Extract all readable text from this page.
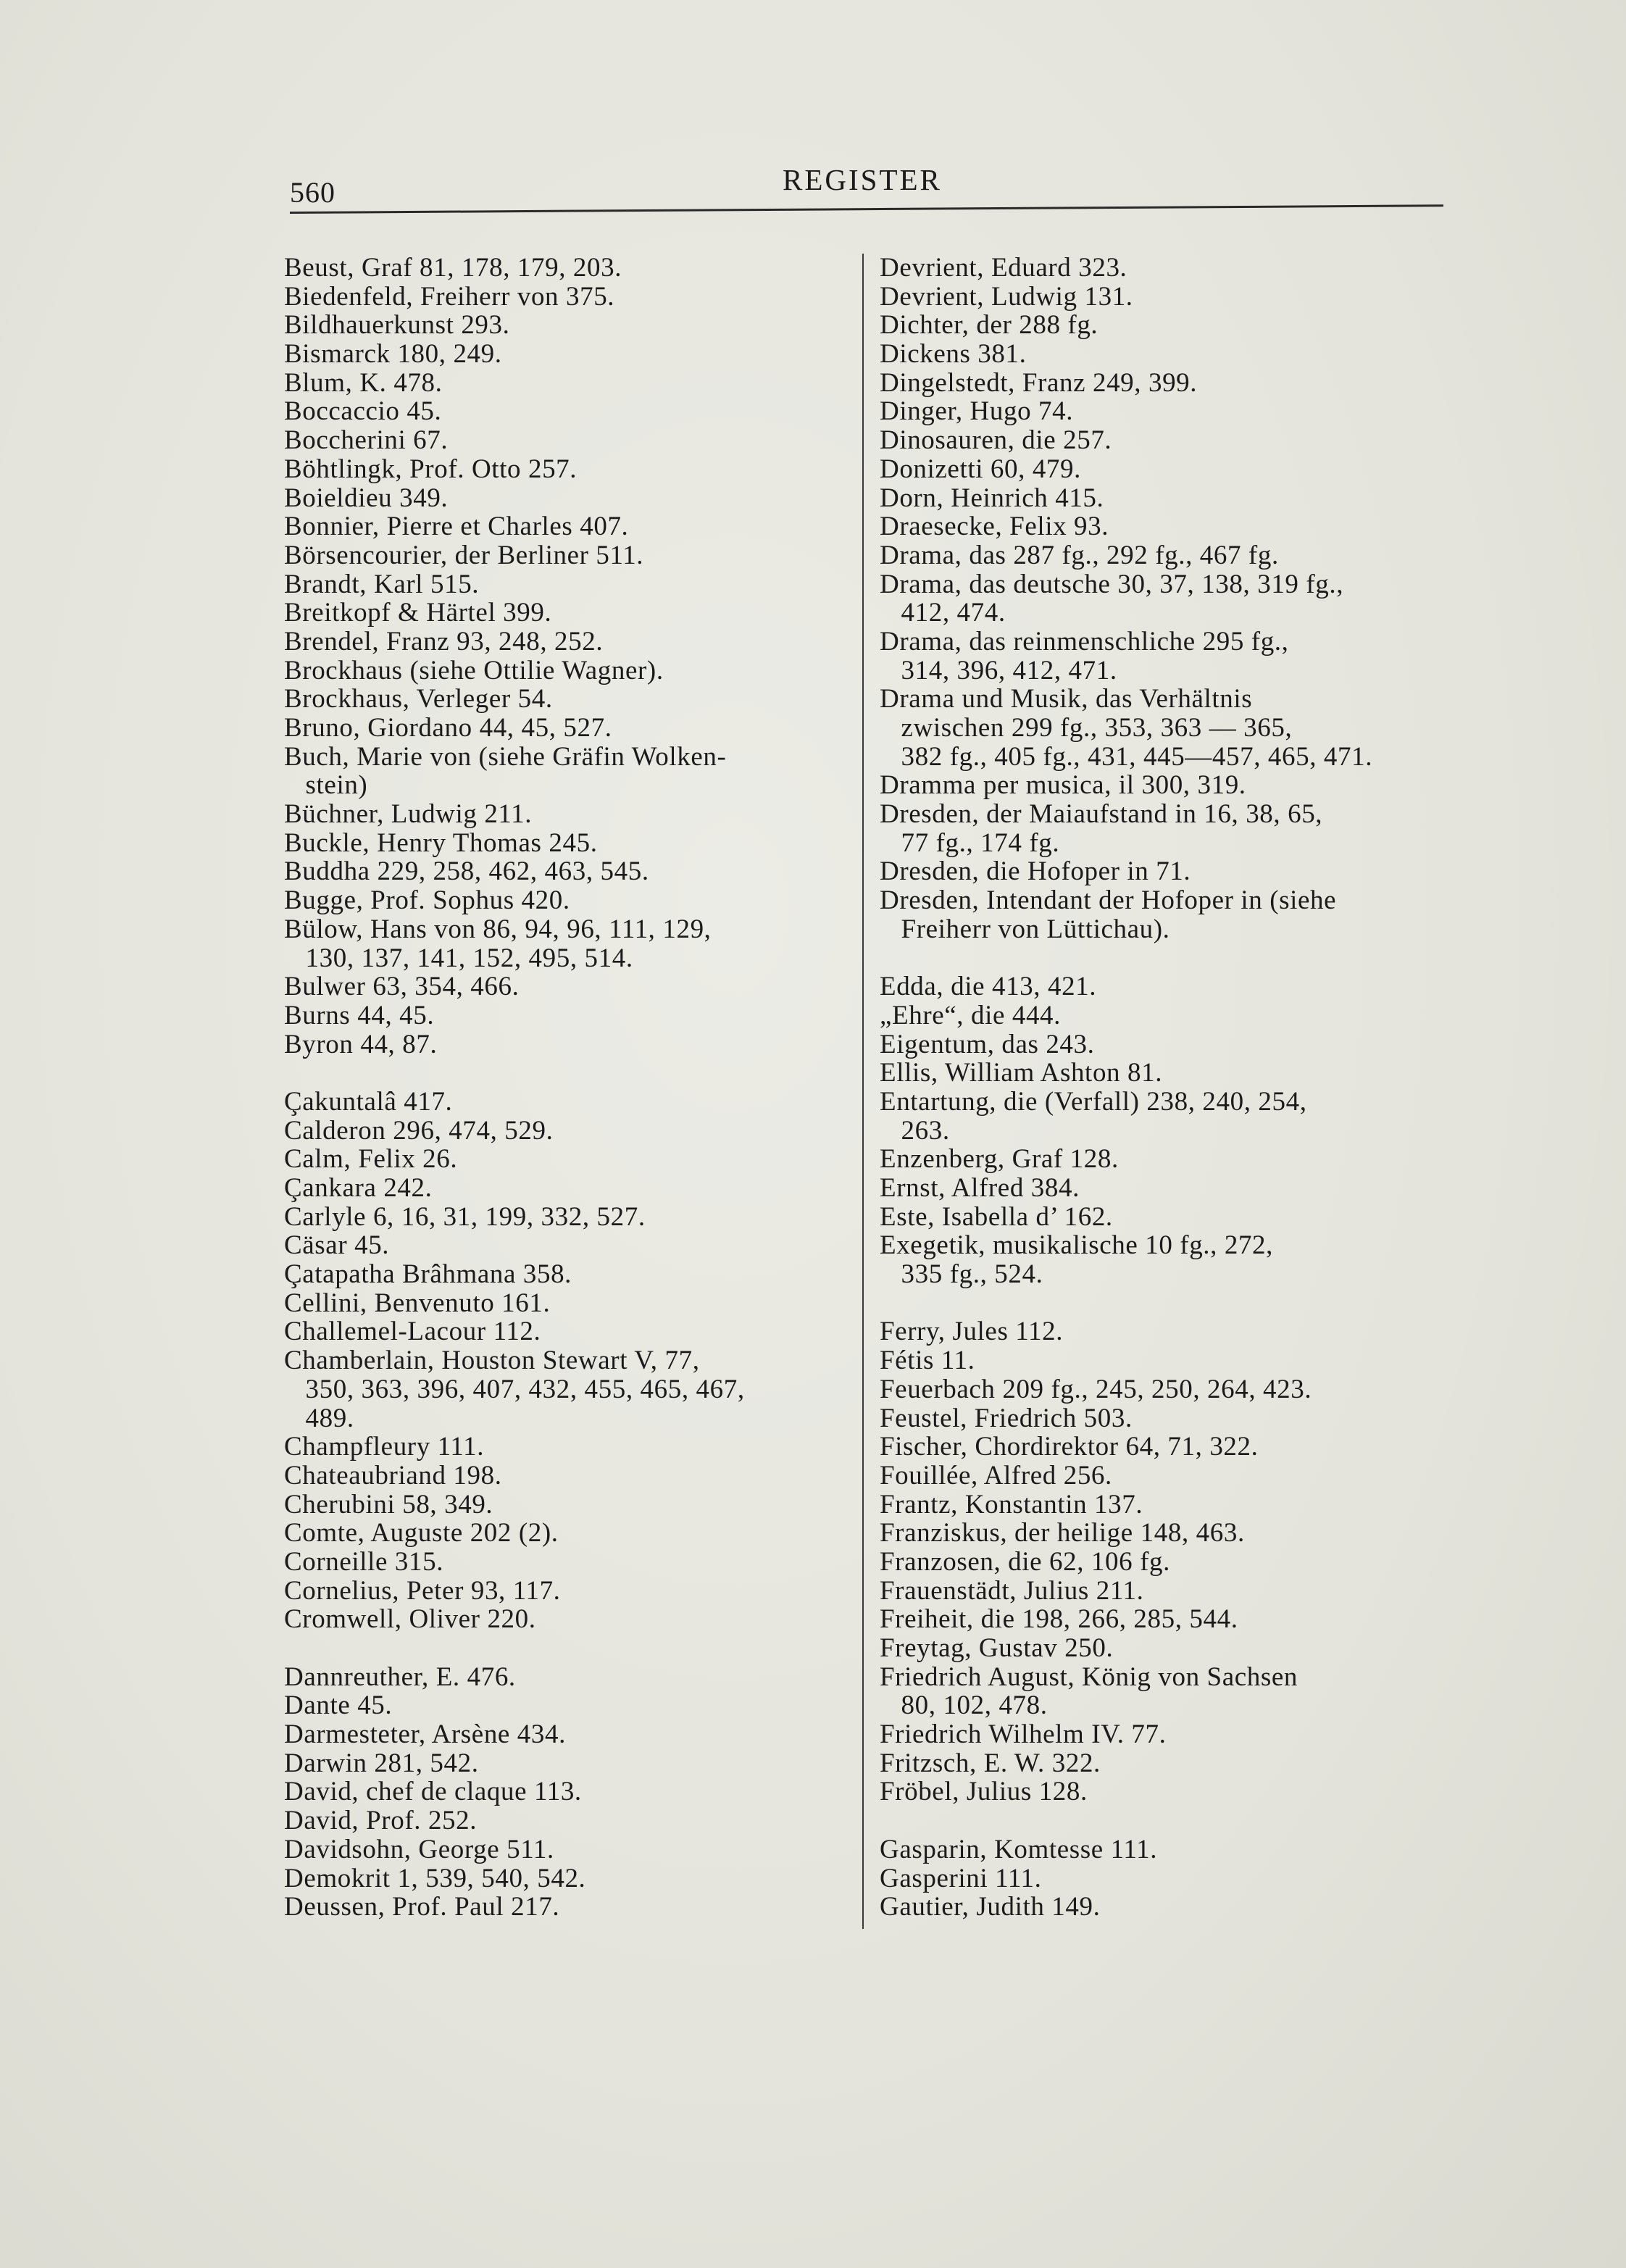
560	REGISTER
Beust, Graf 81, 178, 179, 203.
Biedenfeld, Freiherr von 375.
Bildhauerkunst 293.
Bismarck 180, 249.
Blum, K. 478.
Boccaccio 45.
Boccherini 67.
Böhtlingk, Prof. Otto 257.
Boieldieu 349.
Bonnier, Pierre et Charles 407.
Börsencourier, der Berliner 511.
Brandt, Karl 515.
Breitkopf & Härtel 399.
Brendel, Franz 93, 248, 252.
Brockhaus (siehe Ottilie Wagner).
Brockhaus, Verleger 54.
Bruno, Giordano 44, 45, 527.
Buch, Marie von (siehe Gräfin Wolken-
stein)
Büchner, Ludwig 211.
Buckle, Henry Thomas 245.
Buddha 229, 258, 462, 463, 545.
Bugge, Prof. Sophus 420.
Bülow, Hans von 86, 94, 96, 111, 129,
130, 137, 141, 152, 495, 514.
Bulwer 63, 354, 466.
Burns 44, 45.
Byron 44, 87.
Çakuntalâ 417.
Calderon 296, 474, 529.
Calm, Felix 26.
Çankara 242.
Carlyle 6, 16, 31, 199, 332, 527.
Cäsar 45.
Çatapatha Brâhmana 358.
Cellini, Benvenuto 161.
Challemel-Lacour 112.
Chamberlain, Houston Stewart V, 77,
350, 363, 396, 407, 432, 455, 465, 467,
489.
Champfleury 111.
Chateaubriand 198.
Cherubini 58, 349.
Comte, Auguste 202 (2).
Corneille 315.
Cornelius, Peter 93, 117.
Cromwell, Oliver 220.
Dannreuther, E. 476.
Dante 45.
Darmesteter, Arsène 434.
Darwin 281, 542.
David, chef de claque 113.
David, Prof. 252.
Davidsohn, George 511.
Demokrit 1, 539, 540, 542.
Deussen, Prof. Paul 217.
Devrient, Eduard 323.
Devrient, Ludwig 131.
Dichter, der 288 fg.
Dickens 381.
Dingelstedt, Franz 249, 399.
Dinger, Hugo 74.
Dinosauren, die 257.
Donizetti 60, 479.
Dorn, Heinrich 415.
Draesecke, Felix 93.
Drama, das 287 fg., 292 fg., 467 fg.
Drama, das deutsche 30, 37, 138, 319 fg.,
412, 474.
Drama, das reinmenschliche 295 fg.,
314, 396, 412, 471.
Drama und Musik, das Verhältnis
zwischen 299 fg., 353, 363 — 365,
382 fg., 405 fg., 431, 445—457, 465, 471.
Dramma per musica, il 300, 319.
Dresden, der Maiaufstand in 16, 38, 65,
77 fg., 174 fg.
Dresden, die Hofoper in 71.
Dresden, Intendant der Hofoper in (siehe
Freiherr von Lüttichau).
Edda, die 413, 421.
„Ehre“, die 444.
Eigentum, das 243.
Ellis, William Ashton 81.
Entartung, die (Verfall) 238, 240, 254,
263.
Enzenberg, Graf 128.
Ernst, Alfred 384.
Este, Isabella d’ 162.
Exegetik, musikalische 10 fg., 272,
335 fg., 524.
Ferry, Jules 112.
Fétis 11.
Feuerbach 209 fg., 245, 250, 264, 423.
Feustel, Friedrich 503.
Fischer, Chordirektor 64, 71, 322.
Fouillée, Alfred 256.
Frantz, Konstantin 137.
Franziskus, der heilige 148, 463.
Franzosen, die 62, 106 fg.
Frauenstädt, Julius 211.
Freiheit, die 198, 266, 285, 544.
Freytag, Gustav 250.
Friedrich August, König von Sachsen
80, 102, 478.
Friedrich Wilhelm IV. 77.
Fritzsch, E. W. 322.
Fröbel, Julius 128.
Gasparin, Komtesse 111.
Gasperini 111.
Gautier, Judith 149.
